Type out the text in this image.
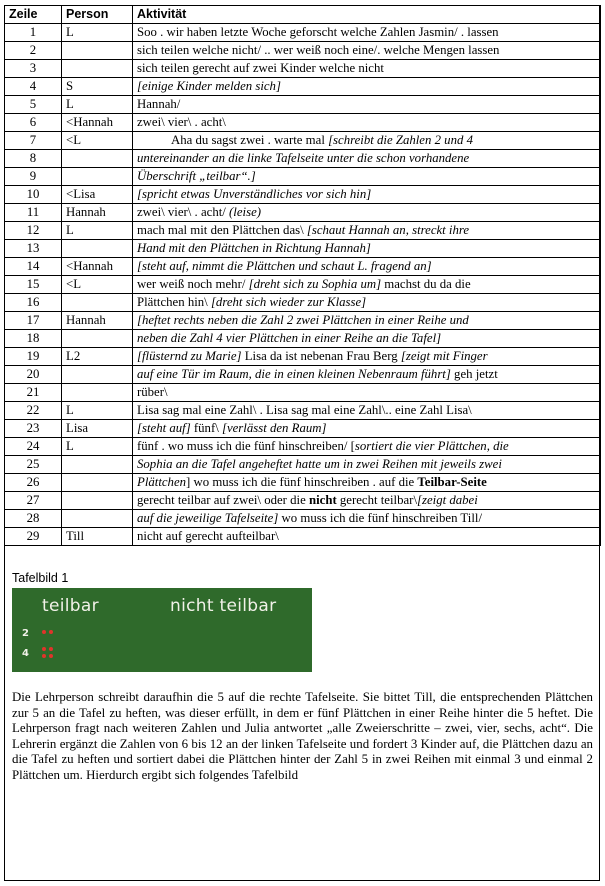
Zeile	Person	Aktivität
1	L	Soo . wir haben letzte Woche geforscht welche Zahlen Jasmin/ . lassen
2		sich teilen welche nicht/ .. wer weiß noch eine/. welche Mengen lassen
3		sich teilen gerecht auf zwei Kinder welche nicht
4	S	[einige Kinder melden sich]
5	L	Hannah/
6	<Hannah	zwei\ vier\ . acht\
7	<L	Aha du sagst zwei . warte mal [schreibt die Zahlen 2 und 4
8		untereinander an die linke Tafelseite unter die schon vorhandene
9		Überschrift „teilbar“.]
10	<Lisa	[spricht etwas Unverständliches vor sich hin]
11	Hannah	zwei\ vier\ . acht/ (leise)
12	L	mach mal mit den Plättchen das\ [schaut Hannah an, streckt ihre
13		Hand mit den Plättchen in Richtung Hannah]
14	<Hannah	[steht auf, nimmt die Plättchen und schaut L. fragend an]
15	<L	wer weiß noch mehr/ [dreht sich zu Sophia um] machst du da die
16		Plättchen hin\ [dreht sich wieder zur Klasse]
17	Hannah	[heftet rechts neben die Zahl 2 zwei Plättchen in einer Reihe und
18		neben die Zahl 4 vier Plättchen in einer Reihe an die Tafel]
19	L2	[flüsternd zu Marie] Lisa da ist nebenan Frau Berg [zeigt mit Finger
20		auf eine Tür im Raum, die in einen kleinen Nebenraum führt] geh jetzt
21		rüber\
22	L	Lisa sag mal eine Zahl\ . Lisa sag mal eine Zahl\.. eine Zahl Lisa\
23	Lisa	[steht auf] fünf\ [verlässt den Raum]
24	L	fünf . wo muss ich die fünf hinschreiben/ [sortiert die vier Plättchen, die
25		Sophia an die Tafel angeheftet hatte um in zwei Reihen mit jeweils zwei
26		Plättchen] wo muss ich die fünf hinschreiben . auf die Teilbar-Seite
27		gerecht teilbar auf zwei\ oder die nicht gerecht teilbar\[zeigt dabei
28		auf die jeweilige Tafelseite] wo muss ich die fünf hinschreiben Till/
29	Till	nicht auf gerecht aufteilbar\
Tafelbild 1
teilbar	nicht teilbar
2
4

Die Lehrperson schreibt daraufhin die 5 auf die rechte Tafelseite. Sie bittet Till, die entsprechenden Plättchen zur 5 an die Tafel zu heften, was dieser erfüllt, in dem er fünf Plättchen in einer Reihe hinter die 5 heftet. Die Lehrperson fragt nach weiteren Zahlen und Julia antwortet „alle Zweierschritte – zwei, vier, sechs, acht“. Die Lehrerin ergänzt die Zahlen von 6 bis 12 an der linken Tafelseite und fordert 3 Kinder auf, die Plättchen dazu an die Tafel zu heften und sortiert dabei die Plättchen hinter der Zahl 5 in zwei Reihen mit einmal 3 und einmal 2 Plättchen um. Hierdurch ergibt sich folgendes Tafelbild
